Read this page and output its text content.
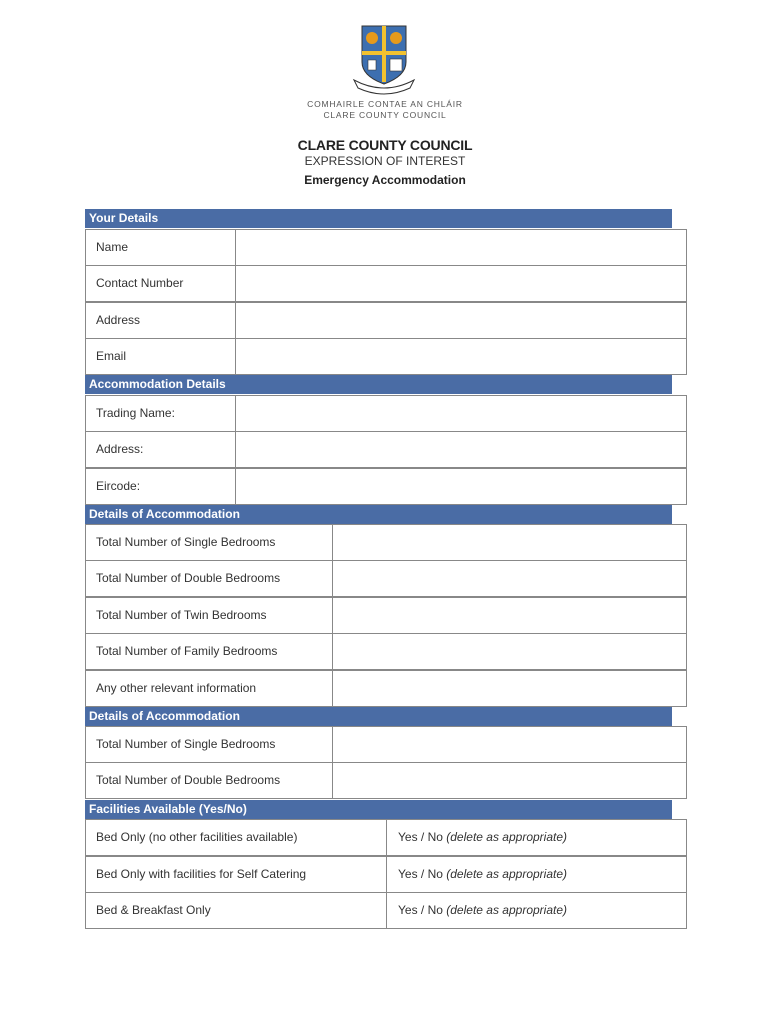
COMHAIRLE CONTAE AN CHLÁIR
CLARE COUNTY COUNCIL
CLARE COUNTY COUNCIL
EXPRESSION OF INTEREST
Emergency Accommodation
Your Details
Name
Contact Number
Address
Email
Accommodation Details
Trading Name:
Address:
Eircode:
Details of Accommodation
Total Number of Single Bedrooms
Total Number of Double Bedrooms
Total Number of Twin Bedrooms
Total Number of Family Bedrooms
Any other relevant information
Details of Accommodation
Total Number of Single Bedrooms
Total Number of Double Bedrooms
Facilities Available (Yes/No)
Bed Only (no other facilities available)	Yes / No (delete as appropriate)
Bed Only with facilities for Self Catering	Yes / No (delete as appropriate)
Bed & Breakfast Only	Yes / No (delete as appropriate)
